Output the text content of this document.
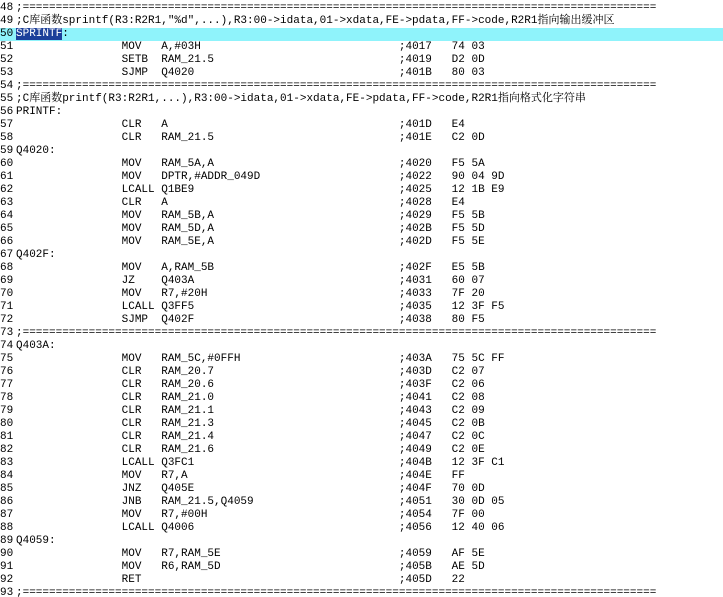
48 ;================================================================================================
49 ;C库函数sprintf(R3:R2R1,"%d",...),R3:00->idata,01->xdata,FE->pdata,FF->code,R2R1指向输出缓冲区
50 SPRINTF:
51 MOV   A,#03H                              ;4017   74 03
52 SETB  RAM_21.5                            ;4019   D2 0D
53 SJMP  Q4020                               ;401B   80 03
54 ;================================================================================================
55 ;C库函数printf(R3:R2R1,...),R3:00->idata,01->xdata,FE->pdata,FF->code,R2R1指向格式化字符串
56 PRINTF:
57 CLR   A                                   ;401D   E4
58 CLR   RAM_21.5                            ;401E   C2 0D
59 Q4020:
60 MOV   RAM_5A,A                            ;4020   F5 5A
61 MOV   DPTR,#ADDR_049D                     ;4022   90 04 9D
62 LCALL Q1BE9                               ;4025   12 1B E9
63 CLR   A                                   ;4028   E4
64 MOV   RAM_5B,A                            ;4029   F5 5B
65 MOV   RAM_5D,A                            ;402B   F5 5D
66 MOV   RAM_5E,A                            ;402D   F5 5E
67 Q402F:
68 MOV   A,RAM_5B                            ;402F   E5 5B
69 JZ    Q403A                               ;4031   60 07
70 MOV   R7,#20H                             ;4033   7F 20
71 LCALL Q3FF5                               ;4035   12 3F F5
72 SJMP  Q402F                               ;4038   80 F5
73 ;================================================================================================
74 Q403A:
75 MOV   RAM_5C,#0FFH                        ;403A   75 5C FF
76 CLR   RAM_20.7                            ;403D   C2 07
77 CLR   RAM_20.6                            ;403F   C2 06
78 CLR   RAM_21.0                            ;4041   C2 08
79 CLR   RAM_21.1                            ;4043   C2 09
80 CLR   RAM_21.3                            ;4045   C2 0B
81 CLR   RAM_21.4                            ;4047   C2 0C
82 CLR   RAM_21.6                            ;4049   C2 0E
83 LCALL Q3FC1                               ;404B   12 3F C1
84 MOV   R7,A                                ;404E   FF
85 JNZ   Q405E                               ;404F   70 0D
86 JNB   RAM_21.5,Q4059                      ;4051   30 0D 05
87 MOV   R7,#00H                             ;4054   7F 00
88 LCALL Q4006                               ;4056   12 40 06
89 Q4059:
90 MOV   R7,RAM_5E                           ;4059   AF 5E
91 MOV   R6,RAM_5D                           ;405B   AE 5D
92 RET                                       ;405D   22
93 ;================================================================================================
